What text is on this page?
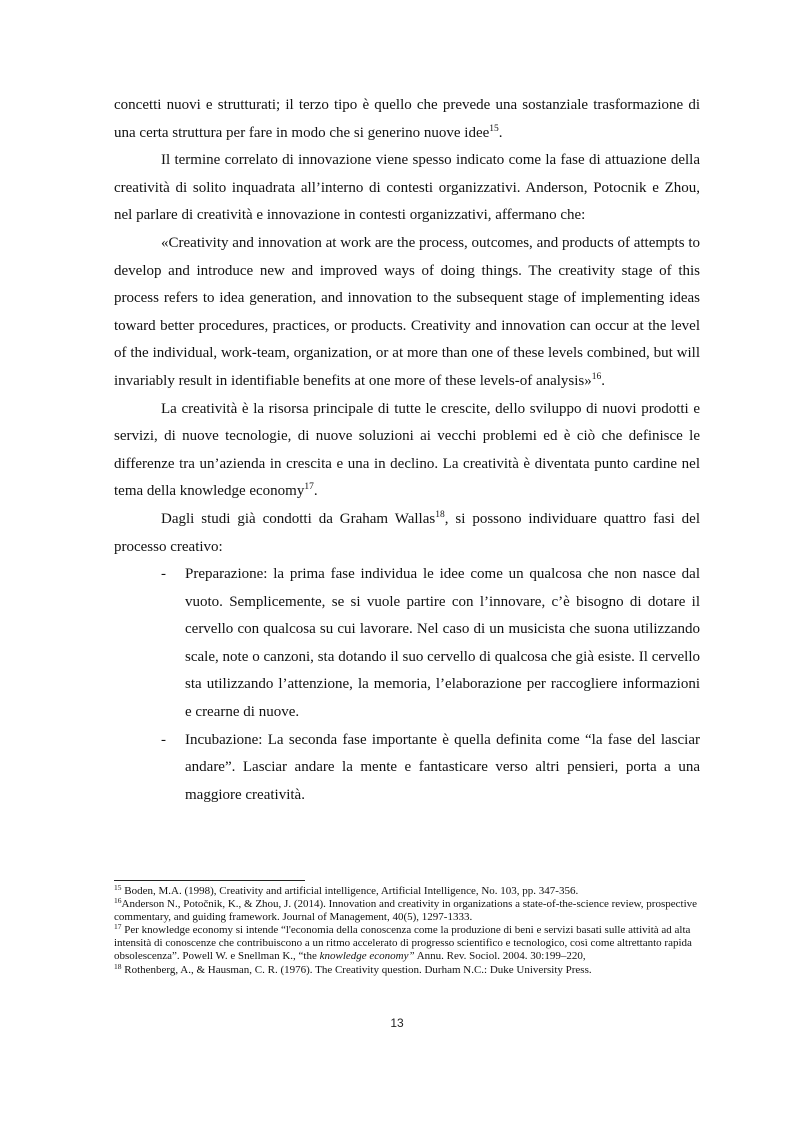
concetti nuovi e strutturati; il terzo tipo è quello che prevede una sostanziale trasformazione di una certa struttura per fare in modo che si generino nuove idee$^{15}$.

Il termine correlato di innovazione viene spesso indicato come la fase di attuazione della creatività di solito inquadrata all’interno di contesti organizzativi. Anderson, Potocnik e Zhou, nel parlare di creatività e innovazione in contesti organizzativi, affermano che:

«Creativity and innovation at work are the process, outcomes, and products of attempts to develop and introduce new and improved ways of doing things. The creativity stage of this process refers to idea generation, and innovation to the subsequent stage of implementing ideas toward better procedures, practices, or products. Creativity and innovation can occur at the level of the individual, work-team, organization, or at more than one of these levels combined, but will invariably result in identifiable benefits at one more of these levels-of analysis»$^{16}$.

La creatività è la risorsa principale di tutte le crescite, dello sviluppo di nuovi prodotti e servizi, di nuove tecnologie, di nuove soluzioni ai vecchi problemi ed è ciò che definisce le differenze tra un’azienda in crescita e una in declino. La creatività è diventata punto cardine nel tema della knowledge economy$^{17}$.

Dagli studi già condotti da Graham Wallas$^{18}$, si possono individuare quattro fasi del processo creativo:

- Preparazione: la prima fase individua le idee come un qualcosa che non nasce dal vuoto. Semplicemente, se si vuole partire con l’innovare, c’è bisogno di dotare il cervello con qualcosa su cui lavorare. Nel caso di un musicista che suona utilizzando scale, note o canzoni, sta dotando il suo cervello di qualcosa che già esiste. Il cervello sta utilizzando l’attenzione, la memoria, l’elaborazione per raccogliere informazioni e crearne di nuove.

- Incubazione: La seconda fase importante è quella definita come “la fase del lasciar andare”. Lasciar andare la mente e fantasticare verso altri pensieri, porta a una maggiore creatività.

$^{15}$ Boden, M.A. (1998), Creativity and artificial intelligence, Artificial Intelligence, No. 103, pp. 347-356.

$^{16}$Anderson N., Potočnik, K., & Zhou, J. (2014). Innovation and creativity in organizations a state-of-the-science review, prospective commentary, and guiding framework. Journal of Management, 40(5), 1297-1333.

$^{17}$ Per knowledge economy si intende “l'economia della conoscenza come la produzione di beni e servizi basati sulle attività ad alta intensità di conoscenze che contribuiscono a un ritmo accelerato di progresso scientifico e tecnologico, così come altrettanto rapida obsolescenza”. Powell W. e Snellman K., “the knowledge economy” Annu. Rev. Sociol. 2004. 30:199–220,

$^{18}$ Rothenberg, A., & Hausman, C. R. (1976). The Creativity question. Durham N.C.: Duke University Press.

13
